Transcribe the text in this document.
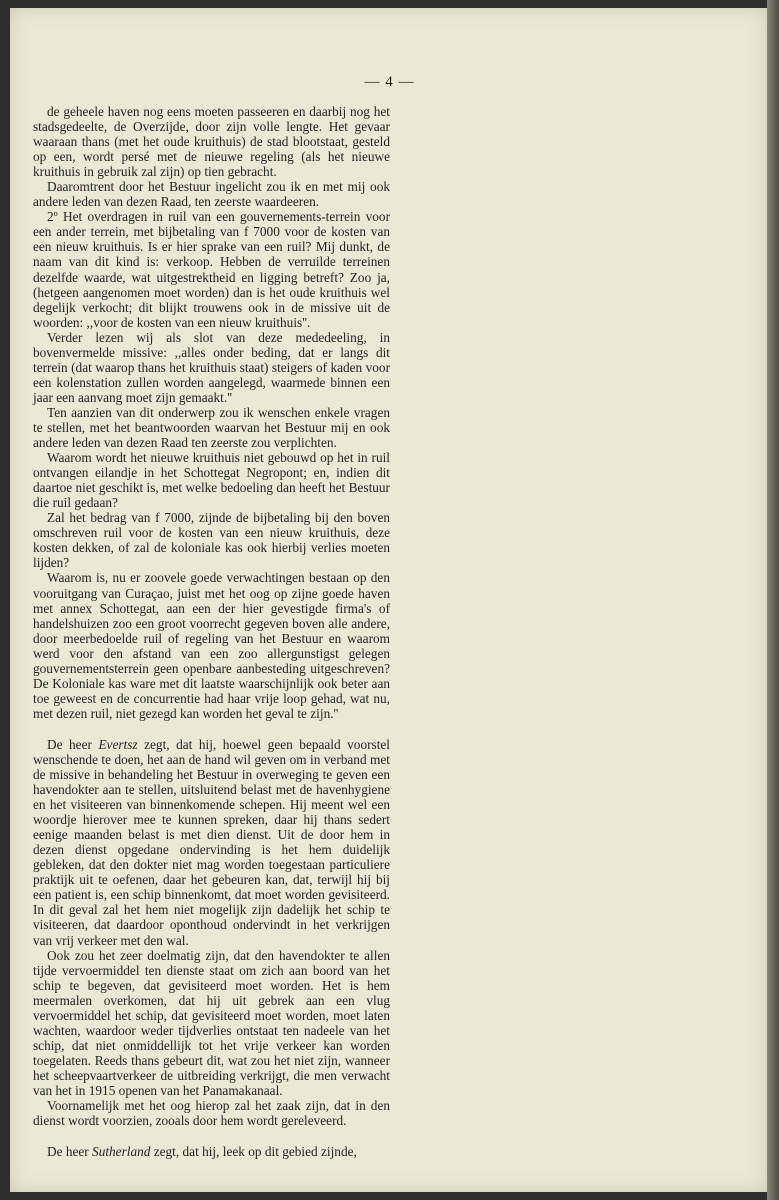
— 4 —

de geheele haven nog eens moeten passeeren en daarbij nog het stadsgedeelte, de Overzijde, door zijn volle lengte. Het gevaar waaraan thans (met het oude kruithuis) de stad blootstaat, gesteld op een, wordt persé met de nieuwe regeling (als het nieuwe kruithuis in gebruik zal zijn) op tien gebracht.

Daaromtrent door het Bestuur ingelicht zou ik en met mij ook andere leden van dezen Raad, ten zeerste waardeeren.

2º Het overdragen in ruil van een gouvernements-terrein voor een ander terrein, met bijbetaling van f 7000 voor de kosten van een nieuw kruithuis. Is er hier sprake van een ruil? Mij dunkt, de naam van dit kind is: verkoop. Hebben de verruilde terreinen dezelfde waarde, wat uitgestrektheid en ligging betreft? Zoo ja, (hetgeen aangenomen moet worden) dan is het oude kruithuis wel degelijk verkocht; dit blijkt trouwens ook in de missive uit de woorden: ,,voor de kosten van een nieuw kruithuis''.

Verder lezen wij als slot van deze mededeeling, in bovenvermelde missive: ,,alles onder beding, dat er langs dit terrein (dat waarop thans het kruithuis staat) steigers of kaden voor een kolenstation zullen worden aangelegd, waarmede binnen een jaar een aanvang moet zijn gemaakt.''

Ten aanzien van dit onderwerp zou ik wenschen enkele vragen te stellen, met het beantwoorden waarvan het Bestuur mij en ook andere leden van dezen Raad ten zeerste zou verplichten.

Waarom wordt het nieuwe kruithuis niet gebouwd op het in ruil ontvangen eilandje in het Schottegat Negropont; en, indien dit daartoe niet geschikt is, met welke bedoeling dan heeft het Bestuur die ruil gedaan?

Zal het bedrag van f 7000, zijnde de bijbetaling bij den boven omschreven ruil voor de kosten van een nieuw kruithuis, deze kosten dekken, of zal de koloniale kas ook hierbij verlies moeten lijden?

Waarom is, nu er zoovele goede verwachtingen bestaan op den vooruitgang van Curaçao, juist met het oog op zijne goede haven met annex Schottegat, aan een der hier gevestigde firma's of handelshuizen zoo een groot voorrecht gegeven boven alle andere, door meerbedoelde ruil of regeling van het Bestuur en waarom werd voor den afstand van een zoo allergunstigst gelegen gouvernementsterrein geen openbare aanbesteding uitgeschreven? De Koloniale kas ware met dit laatste waarschijnlijk ook beter aan toe geweest en de concurrentie had haar vrije loop gehad, wat nu, met dezen ruil, niet gezegd kan worden het geval te zijn.''

De heer Evertsz zegt, dat hij, hoewel geen bepaald voorstel wenschende te doen, het aan de hand wil geven om in verband met de missive in behandeling het Bestuur in overweging te geven een havendokter aan te stellen, uitsluitend belast met de havenhygiene en het visiteeren van binnenkomende schepen. Hij meent wel een woordje hierover mee te kunnen spreken, daar hij thans sedert eenige maanden belast is met dien dienst. Uit de door hem in dezen dienst opgedane ondervinding is het hem duidelijk gebleken, dat den dokter niet mag worden toegestaan particuliere praktijk uit te oefenen, daar het gebeuren kan, dat, terwijl hij bij een patient is, een schip binnenkomt, dat moet worden gevisiteerd. In dit geval zal het hem niet mogelijk zijn dadelijk het schip te visiteeren, dat daardoor oponthoud ondervindt in het verkrijgen van vrij verkeer met den wal.

Ook zou het zeer doelmatig zijn, dat den havendokter te allen tijde vervoermiddel ten dienste staat om zich aan boord van het schip te begeven, dat gevisiteerd moet worden. Het is hem meermalen overkomen, dat hij uit gebrek aan een vlug vervoermiddel het schip, dat gevisiteerd moet worden, moet laten wachten, waardoor weder tijdverlies ontstaat ten nadeele van het schip, dat niet onmiddellijk tot het vrije verkeer kan worden toegelaten. Reeds thans gebeurt dit, wat zou het niet zijn, wanneer het scheepvaartverkeer de uitbreiding verkrijgt, die men verwacht van het in 1915 openen van het Panamakanaal.

Voornamelijk met het oog hierop zal het zaak zijn, dat in den dienst wordt voorzien, zooals door hem wordt gereleveerd.

De heer Sutherland zegt, dat hij, leek op dit gebied zijnde,
